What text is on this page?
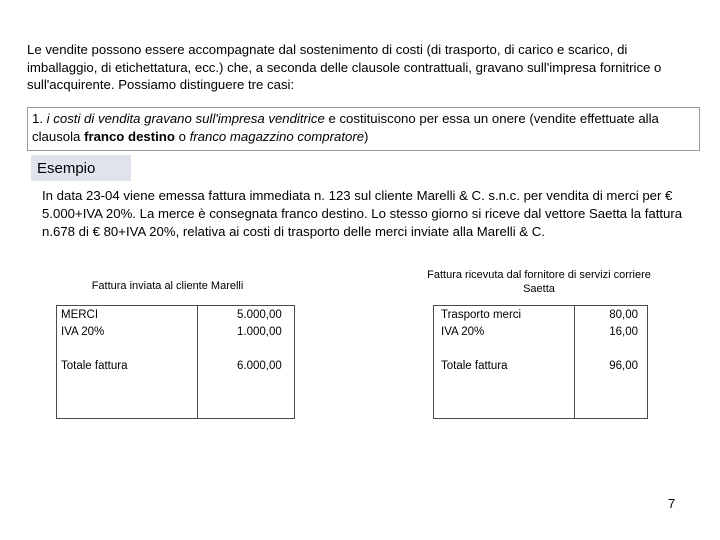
Le vendite possono essere accompagnate dal sostenimento di costi (di trasporto, di carico e scarico, di imballaggio, di etichettatura, ecc.) che, a seconda delle clausole contrattuali, gravano sull'impresa fornitrice o sull'acquirente. Possiamo distinguere tre casi:
1. i costi di vendita gravano sull'impresa venditrice e costituiscono per essa un onere (vendite effettuate alla clausola franco destino o franco magazzino compratore)
Esempio
In data 23-04 viene emessa fattura immediata n. 123 sul cliente Marelli & C. s.n.c. per vendita di merci per € 5.000+IVA 20%. La merce è consegnata franco destino. Lo stesso giorno si riceve dal vettore Saetta la fattura n.678 di € 80+IVA 20%, relativa ai costi di trasporto delle merci inviate alla Marelli & C.
Fattura inviata al cliente Marelli
Fattura ricevuta dal fornitore di servizi corriere Saetta
MERCI
IVA 20%
5.000,00
1.000,00
Totale fattura	6.000,00
Trasporto merci
IVA 20%
80,00
16,00
Totale fattura	96,00
7
